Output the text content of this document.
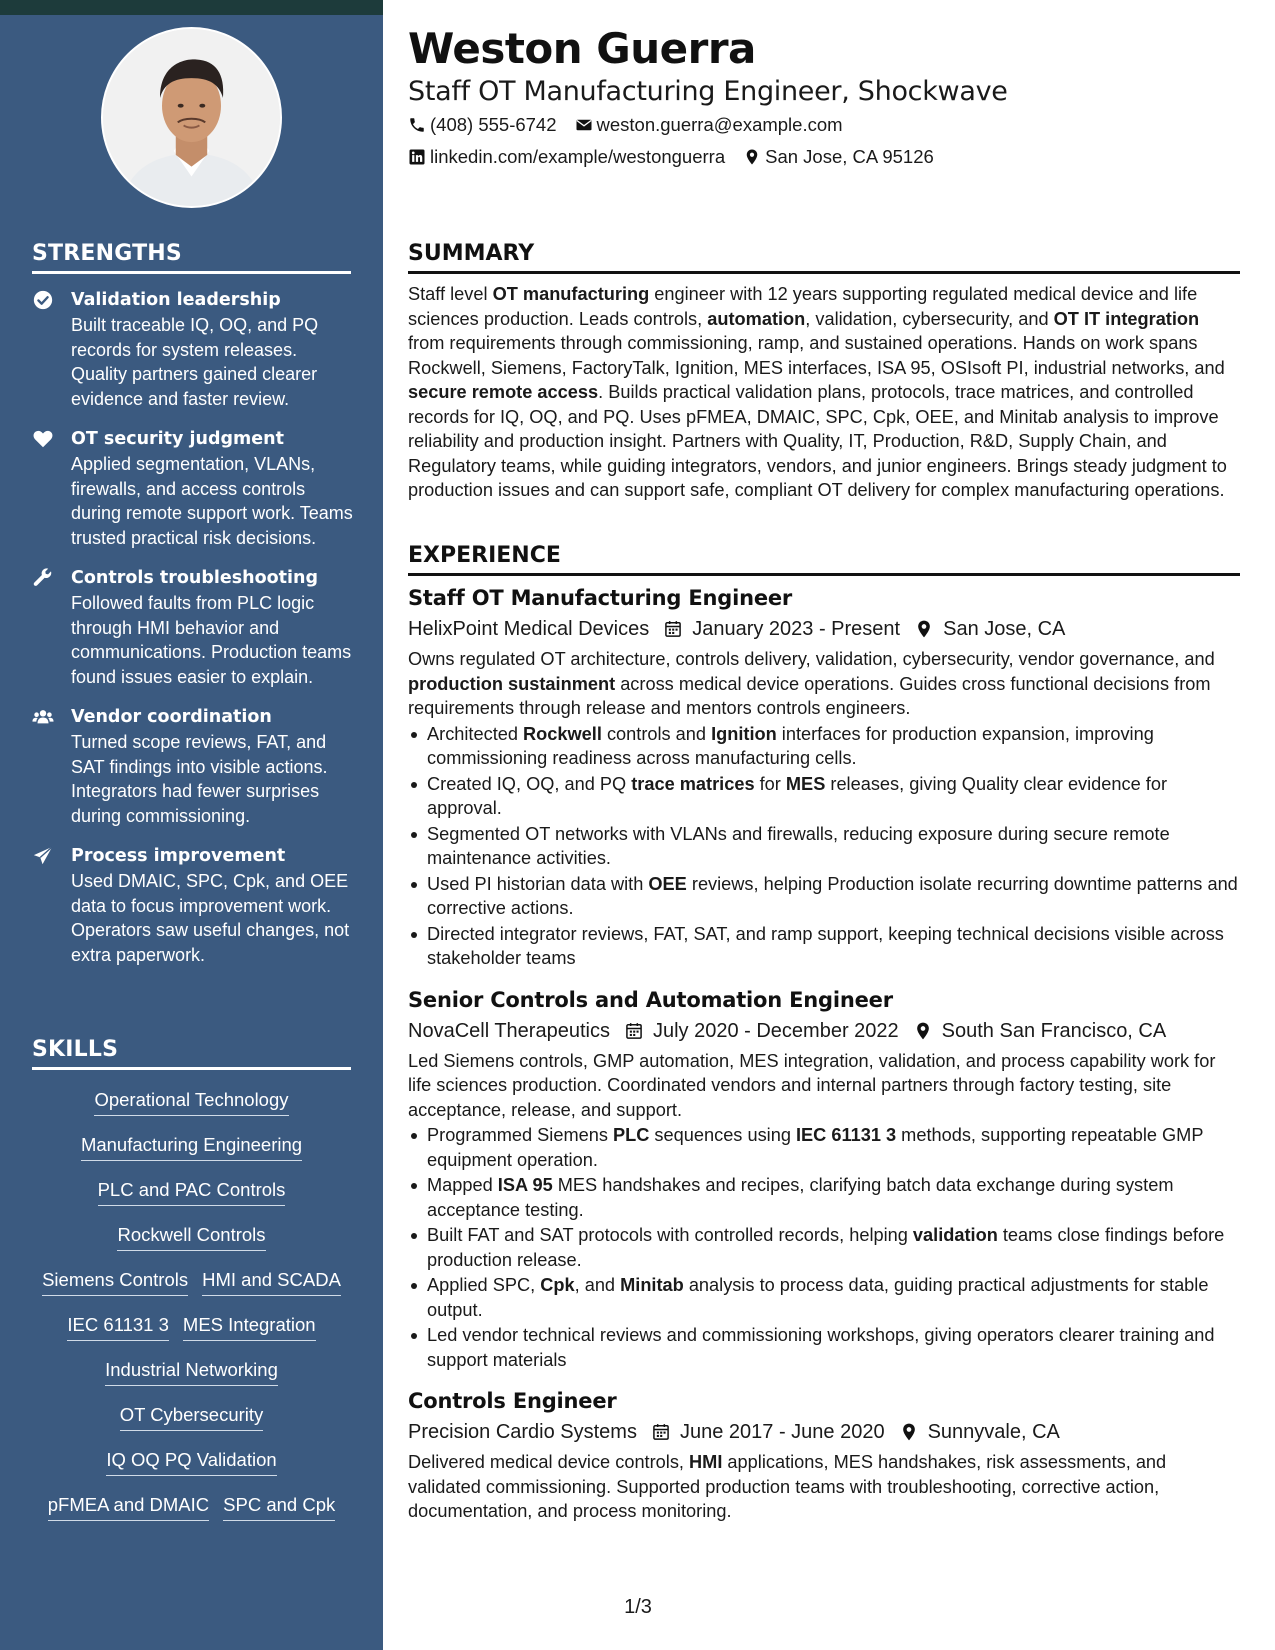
STRENGTHS
Validation leadership
Built traceable IQ, OQ, and PQ records for system releases. Quality partners gained clearer evidence and faster review.
OT security judgment
Applied segmentation, VLANs, firewalls, and access controls during remote support work. Teams trusted practical risk decisions.
Controls troubleshooting
Followed faults from PLC logic through HMI behavior and communications. Production teams found issues easier to explain.
Vendor coordination
Turned scope reviews, FAT, and SAT findings into visible actions. Integrators had fewer surprises during commissioning.
Process improvement
Used DMAIC, SPC, Cpk, and OEE data to focus improvement work. Operators saw useful changes, not extra paperwork.
SKILLS
Operational Technology
Manufacturing Engineering
PLC and PAC Controls
Rockwell Controls
Siemens Controls HMI and SCADA
IEC 61131 3 MES Integration
Industrial Networking
OT Cybersecurity
IQ OQ PQ Validation
pFMEA and DMAIC SPC and Cpk
Weston Guerra
Staff OT Manufacturing Engineer, Shockwave
(408) 555-6742 weston.guerra@example.com
linkedin.com/example/westonguerra San Jose, CA 95126
SUMMARY
Staff level OT manufacturing engineer with 12 years supporting regulated medical device and life sciences production. Leads controls, automation, validation, cybersecurity, and OT IT integration from requirements through commissioning, ramp, and sustained operations. Hands on work spans Rockwell, Siemens, FactoryTalk, Ignition, MES interfaces, ISA 95, OSIsoft PI, industrial networks, and secure remote access. Builds practical validation plans, protocols, trace matrices, and controlled records for IQ, OQ, and PQ. Uses pFMEA, DMAIC, SPC, Cpk, OEE, and Minitab analysis to improve reliability and production insight. Partners with Quality, IT, Production, R&D, Supply Chain, and Regulatory teams, while guiding integrators, vendors, and junior engineers. Brings steady judgment to production issues and can support safe, compliant OT delivery for complex manufacturing operations.
EXPERIENCE
Staff OT Manufacturing Engineer
HelixPoint Medical Devices January 2023 - Present San Jose, CA
Owns regulated OT architecture, controls delivery, validation, cybersecurity, vendor governance, and production sustainment across medical device operations. Guides cross functional decisions from requirements through release and mentors controls engineers.
Architected Rockwell controls and Ignition interfaces for production expansion, improving commissioning readiness across manufacturing cells.
Created IQ, OQ, and PQ trace matrices for MES releases, giving Quality clear evidence for approval.
Segmented OT networks with VLANs and firewalls, reducing exposure during secure remote maintenance activities.
Used PI historian data with OEE reviews, helping Production isolate recurring downtime patterns and corrective actions.
Directed integrator reviews, FAT, SAT, and ramp support, keeping technical decisions visible across stakeholder teams
Senior Controls and Automation Engineer
NovaCell Therapeutics July 2020 - December 2022 South San Francisco, CA
Led Siemens controls, GMP automation, MES integration, validation, and process capability work for life sciences production. Coordinated vendors and internal partners through factory testing, site acceptance, release, and support.
Programmed Siemens PLC sequences using IEC 61131 3 methods, supporting repeatable GMP equipment operation.
Mapped ISA 95 MES handshakes and recipes, clarifying batch data exchange during system acceptance testing.
Built FAT and SAT protocols with controlled records, helping validation teams close findings before production release.
Applied SPC, Cpk, and Minitab analysis to process data, guiding practical adjustments for stable output.
Led vendor technical reviews and commissioning workshops, giving operators clearer training and support materials
Controls Engineer
Precision Cardio Systems June 2017 - June 2020 Sunnyvale, CA
Delivered medical device controls, HMI applications, MES handshakes, risk assessments, and validated commissioning. Supported production teams with troubleshooting, corrective action, documentation, and process monitoring.
1/3
